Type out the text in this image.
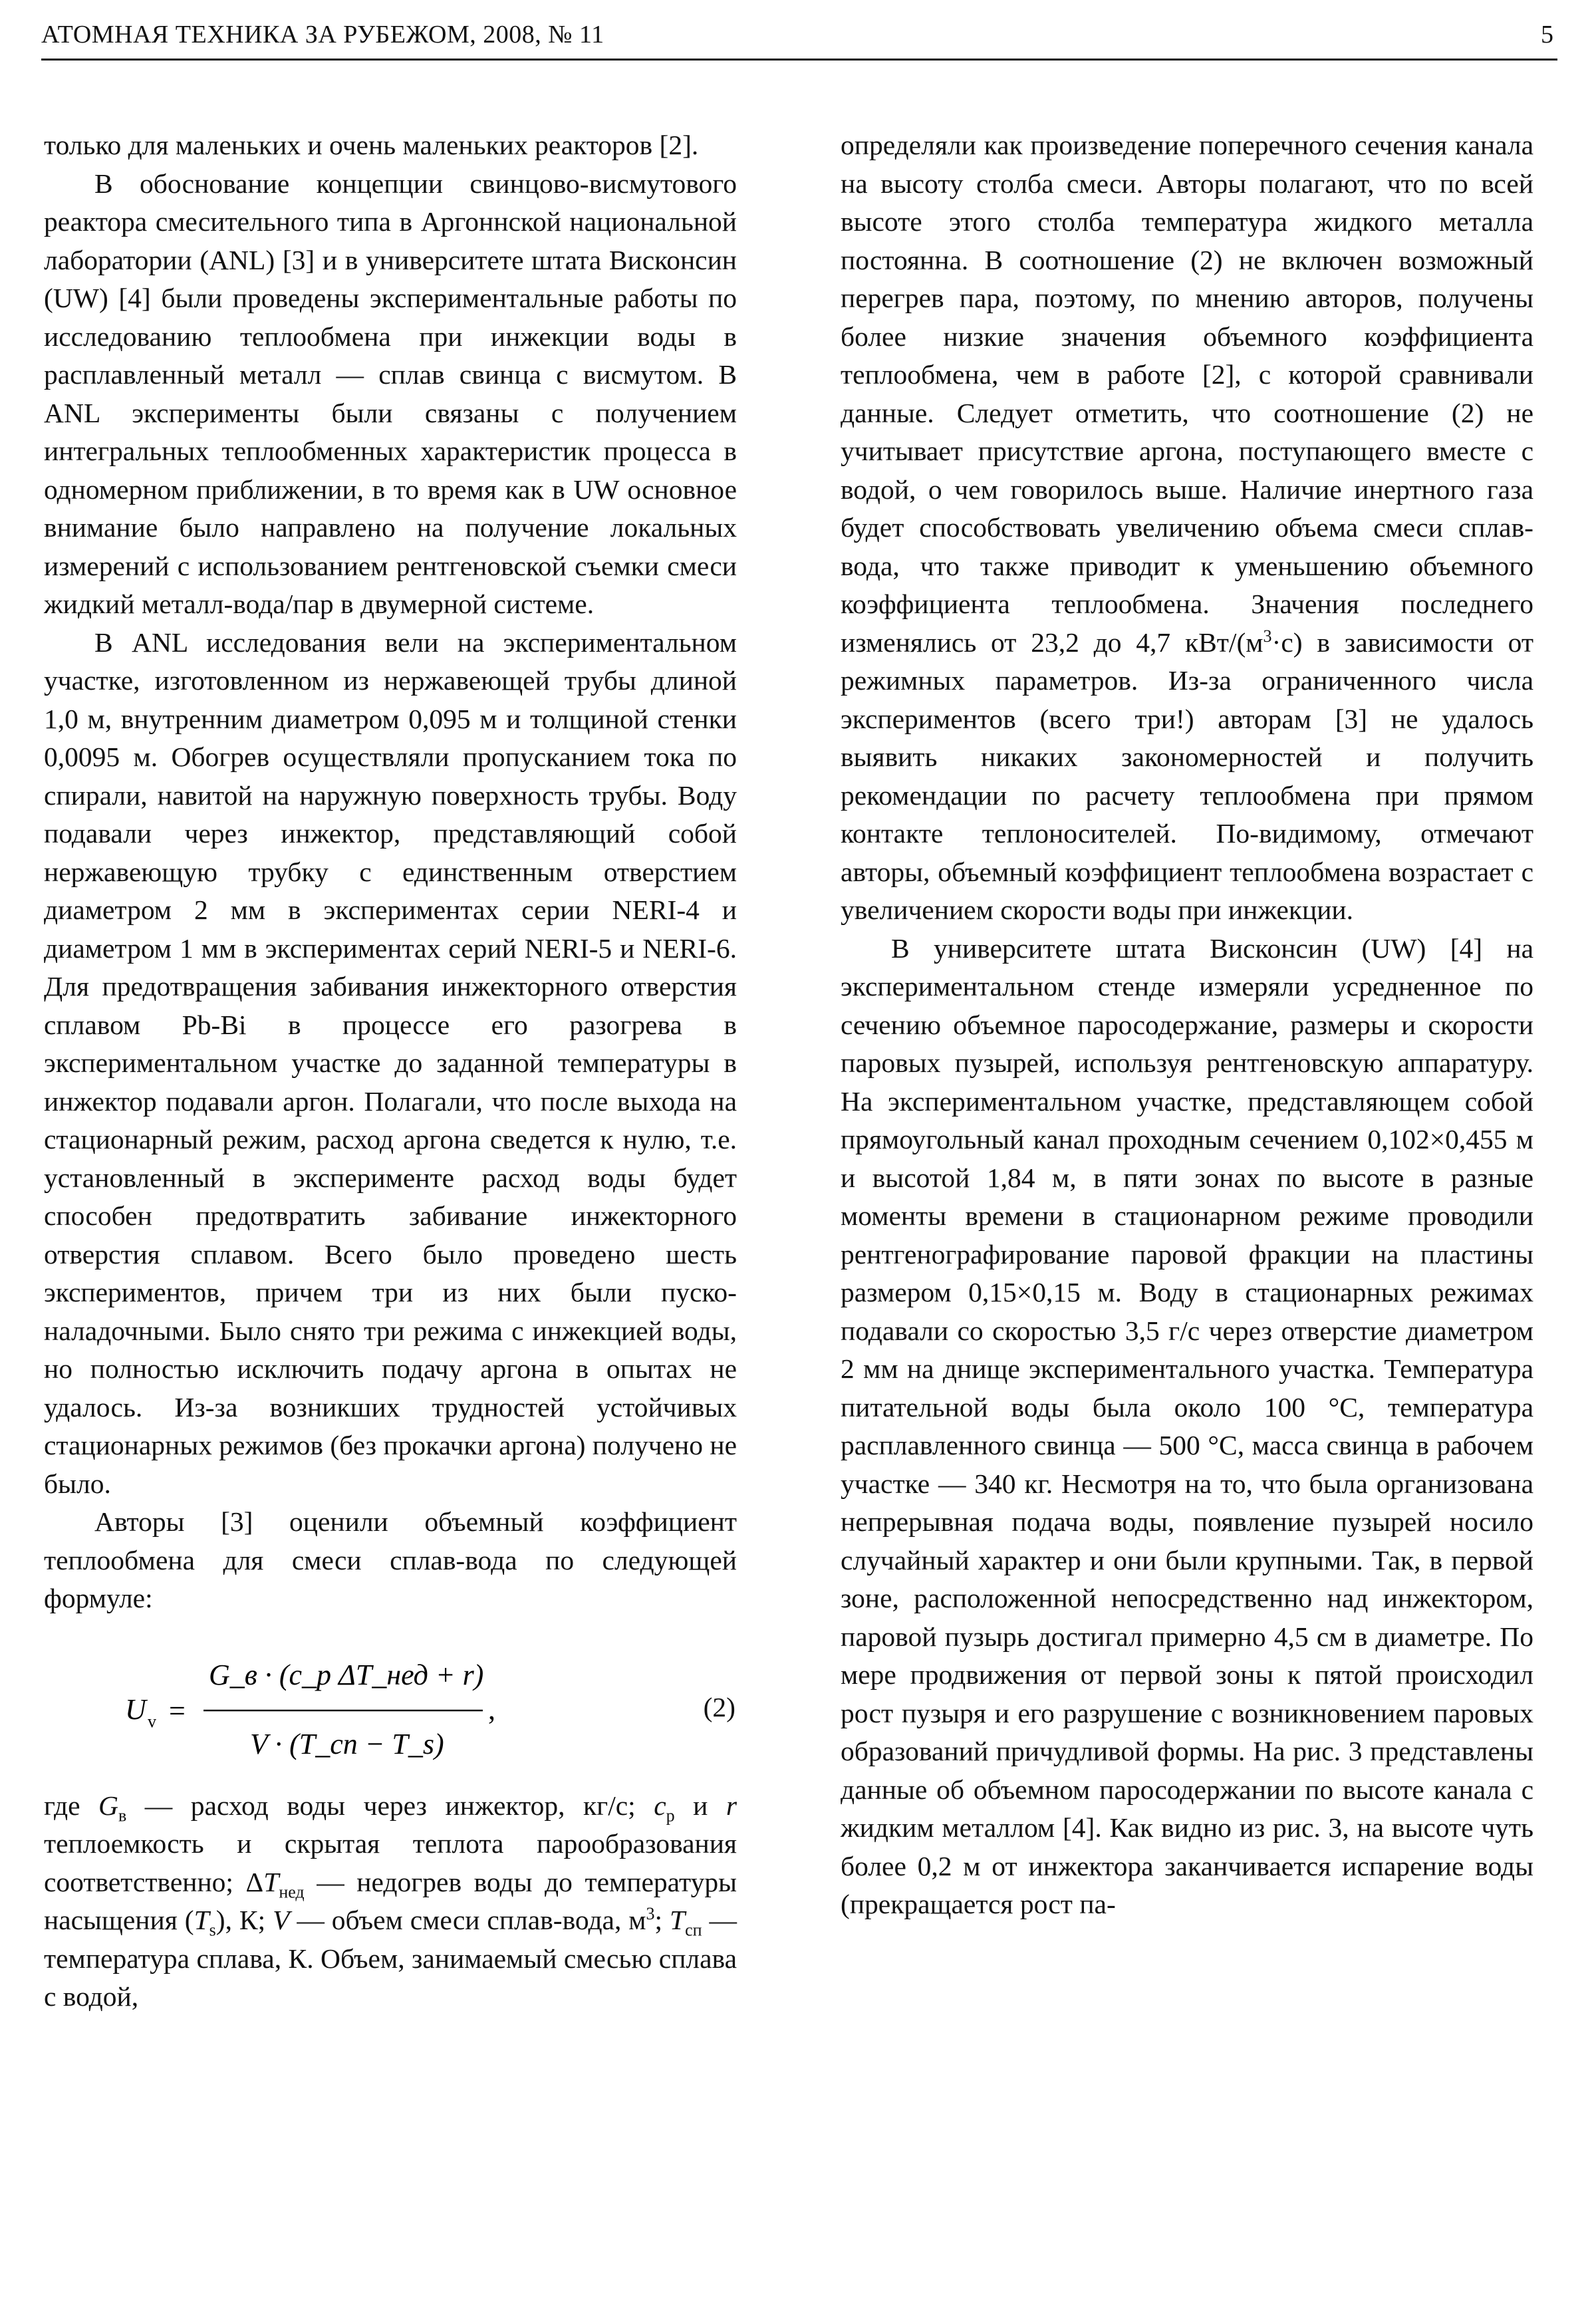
АТОМНАЯ ТЕХНИКА ЗА РУБЕЖОМ, 2008, № 11	5

только для маленьких и очень маленьких реакторов [2].

В обоснование концепции свинцово-висмутового реактора смесительного типа в Аргоннской национальной лаборатории (ANL) [3] и в университете штата Висконсин (UW) [4] были проведены экспериментальные работы по исследованию теплообмена при инжекции воды в расплавленный металл — сплав свинца с висмутом. В ANL эксперименты были связаны с получением интегральных теплообменных характеристик процесса в одномерном приближении, в то время как в UW основное внимание было направлено на получение локальных измерений с использованием рентгеновской съемки смеси жидкий металл-вода/пар в двумерной системе.

В ANL исследования вели на экспериментальном участке, изготовленном из нержавеющей трубы длиной 1,0 м, внутренним диаметром 0,095 м и толщиной стенки 0,0095 м. Обогрев осуществляли пропусканием тока по спирали, навитой на наружную поверхность трубы. Воду подавали через инжектор, представляющий собой нержавеющую трубку с единственным отверстием диаметром 2 мм в экспериментах серии NERI-4 и диаметром 1 мм в экспериментах серий NERI-5 и NERI-6. Для предотвращения забивания инжекторного отверстия сплавом Pb-Bi в процессе его разогрева в экспериментальном участке до заданной температуры в инжектор подавали аргон. Полагали, что после выхода на стационарный режим, расход аргона сведется к нулю, т.е. установленный в эксперименте расход воды будет способен предотвратить забивание инжекторного отверстия сплавом. Всего было проведено шесть экспериментов, причем три из них были пуско-наладочными. Было снято три режима с инжекцией воды, но полностью исключить подачу аргона в опытах не удалось. Из-за возникших трудностей устойчивых стационарных режимов (без прокачки аргона) получено не было.

Авторы [3] оценили объемный коэффициент теплообмена для смеси сплав-вода по следующей формуле:

U v =
G_в · (c_p ΔT_нед + r)
V · (T_сп − T_s)
,	(2)

где $G_в$ — расход воды через инжектор, кг/с; $c_p$ и r теплоемкость и скрытая теплота парообразования соответственно; $\Delta T_{нед}$ — недогрев воды до температуры насыщения $(T_s)$, К; V — объем смеси сплав-вода, $м^3$; $T_{сп}$ — температура сплава, К. Объем, занимаемый смесью сплава с водой,

определяли как произведение поперечного сечения канала на высоту столба смеси. Авторы полагают, что по всей высоте этого столба температура жидкого металла постоянна. В соотношение (2) не включен возможный перегрев пара, поэтому, по мнению авторов, получены более низкие значения объемного коэффициента теплообмена, чем в работе [2], с которой сравнивали данные. Следует отметить, что соотношение (2) не учитывает присутствие аргона, поступающего вместе с водой, о чем говорилось выше. Наличие инертного газа будет способствовать увеличению объема смеси сплав-вода, что также приводит к уменьшению объемного коэффициента теплообмена. Значения последнего изменялись от 23,2 до 4,7 кВт/$(м^3\cdot с)$ в зависимости от режимных параметров. Из-за ограниченного числа экспериментов (всего три!) авторам [3] не удалось выявить никаких закономерностей и получить рекомендации по расчету теплообмена при прямом контакте теплоносителей. По-видимому, отмечают авторы, объемный коэффициент теплообмена возрастает с увеличением скорости воды при инжекции.

В университете штата Висконсин (UW) [4] на экспериментальном стенде измеряли усредненное по сечению объемное паросодержание, размеры и скорости паровых пузырей, используя рентгеновскую аппаратуру. На экспериментальном участке, представляющем собой прямоугольный канал проходным сечением 0,102×0,455 м и высотой 1,84 м, в пяти зонах по высоте в разные моменты времени в стационарном режиме проводили рентгенографирование паровой фракции на пластины размером 0,15×0,15 м. Воду в стационарных режимах подавали со скоростью 3,5 г/с через отверстие диаметром 2 мм на днище экспериментального участка. Температура питательной воды была около 100 °С, температура расплавленного свинца — 500 °С, масса свинца в рабочем участке — 340 кг. Несмотря на то, что была организована непрерывная подача воды, появление пузырей носило случайный характер и они были крупными. Так, в первой зоне, расположенной непосредственно над инжектором, паровой пузырь достигал примерно 4,5 см в диаметре. По мере продвижения от первой зоны к пятой происходил рост пузыря и его разрушение с возникновением паровых образований причудливой формы. На рис. 3 представлены данные об объемном паросодержании по высоте канала с жидким металлом [4]. Как видно из рис. 3, на высоте чуть более 0,2 м от инжектора заканчивается испарение воды (прекращается рост па-
